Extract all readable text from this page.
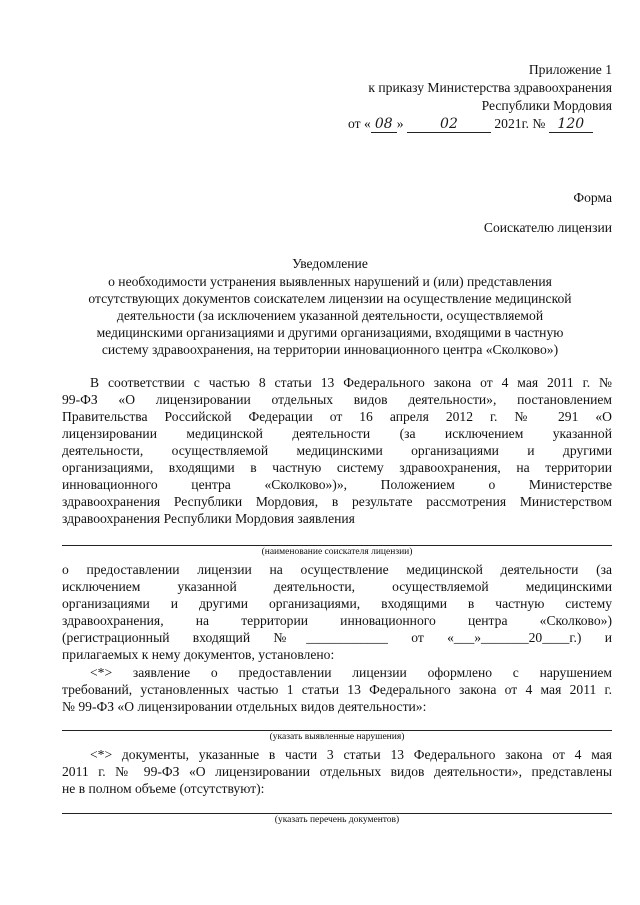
Приложение 1
к приказу Министерства здравоохранения
Республики Мордовия
от « 08 »	02	2021г. № 120
Форма
Соискателю лицензии
Уведомление
о необходимости устранения выявленных нарушений и (или) представления
отсутствующих документов соискателем лицензии на осуществление медицинской
деятельности (за исключением указанной деятельности, осуществляемой
медицинскими организациями и другими организациями, входящими в частную
систему здравоохранения, на территории инновационного центра «Сколково»)
В соответствии с частью 8 статьи 13 Федерального закона от 4 мая 2011 г. №
99-ФЗ «О лицензировании отдельных видов деятельности», постановлением
Правительства Российской Федерации от 16 апреля 2012 г. № 291 «О
лицензировании медицинской деятельности (за исключением указанной
деятельности, осуществляемой медицинскими организациями и другими
организациями, входящими в частную систему здравоохранения, на территории
инновационного центра «Сколково»)», Положением о Министерстве
здравоохранения Республики Мордовия, в результате рассмотрения Министерством
здравоохранения Республики Мордовия заявления
(наименование соискателя лицензии)
о предоставлении лицензии на осуществление медицинской деятельности (за
исключением указанной деятельности, осуществляемой медицинскими
организациями и другими организациями, входящими в частную систему
здравоохранения, на территории инновационного центра «Сколково»)
(регистрационный входящий №____________ от «___»_______20____г.) и
прилагаемых к нему документов, установлено:
<*> заявление о предоставлении лицензии оформлено с нарушением
требований, установленных частью 1 статьи 13 Федерального закона от 4 мая 2011 г.
№ 99-ФЗ «О лицензировании отдельных видов деятельности»:
(указать выявленные нарушения)
<*> документы, указанные в части 3 статьи 13 Федерального закона от 4 мая
2011 г. № 99-ФЗ «О лицензировании отдельных видов деятельности», представлены
не в полном объеме (отсутствуют):
(указать перечень документов)
